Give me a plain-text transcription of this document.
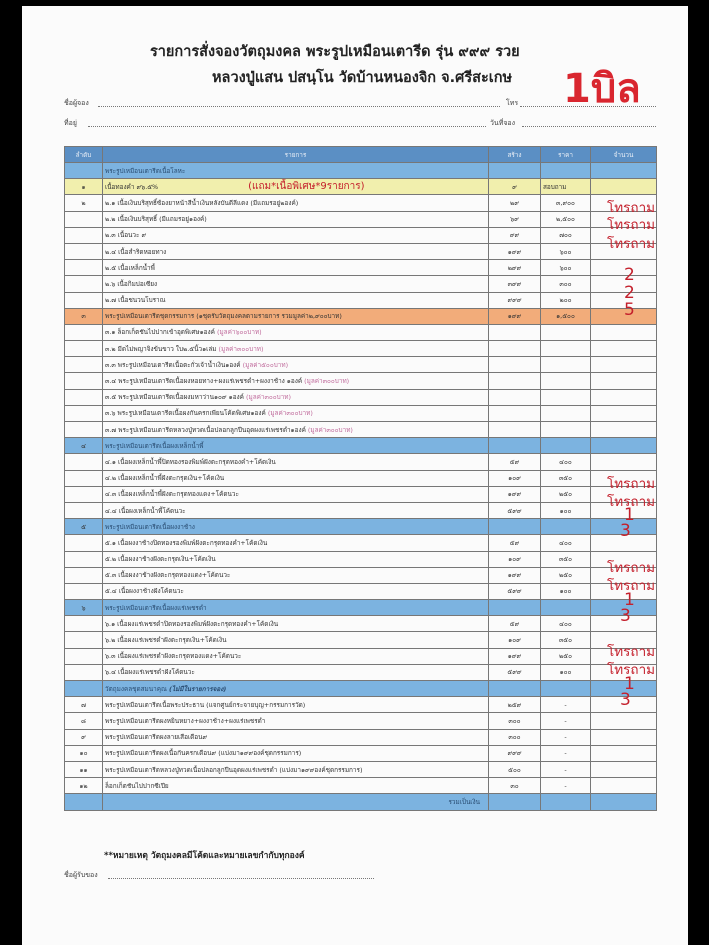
รายการสั่งจองวัตถุมงคล พระรูปเหมือนเตารีด รุ่น ๙๙๙ รวย
หลวงปู่แสน ปสนฺโน วัดบ้านหนองจิก จ.ศรีสะเกษ 1บิล
ชื่อผู้จอง	โทร
ที่อยู่	วันที่จอง
ลำดับ	รายการ	สร้าง	ราคา	จำนวน
	พระรูปเหมือนเตารีดเนื้อโลหะ			
๑	เนื้อทองคำ ๙๖.๕% (แถม*เนื้อพิเศษ*9รายการ)	๙	สอบถาม	
๒	๒.๑ เนื้อเงินบริสุทธิ์ซ้องยาหน้าสีน้ำเงินหลังบันดีลีแดง (มีแถมรอยู่๒องค์)	๒๙	๓,๙๐๐	
	๒.๒ เนื้อเงินบริสุทธิ์ (มีแถมรอยู่๑องค์)	๖๙	๒,๕๐๐	
	๒.๓ เนื้อนวะ ๙	๙๙	๗๐๐	
	๒.๔ เนื้อสำริดหอยทาง	๑๙๙	๖๐๐	
	๒.๕ เนื้อเหล็กน้ำพี้	๒๙๙	๖๐๐	
	๒.๖ เนื้อกิมบ่อเซียง	๓๙๙	๓๐๐	
	๒.๗ เนื้อชนวนโบราณ	๙๙๙	๒๐๐	
๓	พระรูปเหมือนเตารีดชุดกรรมการ (๑ชุดรับวัตถุมงคลตามรายการ รวมมูลค่า๒,๙๐๐บาท)	๑๙๙	๑,๕๐๐	
	๓.๑ ล็อกเก็ตชันไปปากเข้าอุดพิเศษ๑องค์ (มูลค่า๖๐๐บาท)			
	๓.๒ มีดไม่พญาจิงข้นขาว ใบ๒.๕นิ้ว๑เล่ม (มูลค่า๓๐๐บาท)			
	๓.๓ พระรูปเหมือนเตารีดเนื้อตะกั่วเจ้าน้ำเงิน๑องค์ (มูลค่า๕๐๐บาท)			
	๓.๔ พระรูปเหมือนเตารีดเนื้อผงหอยทาง+ผงแร่เพชรดำ+ผงงาช้าง ๑องค์ (มูลค่า๓๐๐บาท)			
	๓.๕ พระรูปเหมือนเตารีดเนื้อผงมหาว่าน๑๐๙ ๑องค์ (มูลค่า๓๐๐บาท)			
	๓.๖ พระรูปเหมือนเตารีดเนื้อผงกันครกเพียนโค้ดพิเศษ๑องค์ (มูลค่า๓๐๐บาท)			
	๓.๗ พระรูปเหมือนเตารีดหลวงปู่ทวดเนื้อปลอกลูกปืนอุดผงแร่เพชรดำ๑องค์ (มูลค่า๓๐๐บาท)			
๔	พระรูปเหมือนเตารีดเนื้อผงเหล็กน้ำพี้			
	๔.๑ เนื้อผงเหล็กน้ำพี้ปิดทองรองพิมพ์ฝังตะกรุดทองคำ+โค้ดเงิน	๕๙	๔๐๐	
	๔.๒ เนื้อผงเหล็กน้ำพี้ฝังตะกรุดเงิน+โค้ดเงิน	๑๐๙	๓๕๐	
	๔.๓ เนื้อผงเหล็กน้ำพี้ฝังตะกรุดทองแดง+โค้ดนวะ	๑๙๙	๒๕๐	
	๔.๔ เนื้อผงเหล็กน้ำพี้โค้ดนวะ	๕๙๙	๑๐๐	
๕	พระรูปเหมือนเตารีดเนื้อผงงาช้าง			
	๕.๑ เนื้อผงงาช้างปิดทองรองพิมพ์ฝังตะกรุดทองคำ+โค้ดเงิน	๕๙	๔๐๐	
	๕.๒ เนื้อผงงาช้างฝังตะกรุดเงิน+โค้ดเงิน	๑๐๙	๓๕๐	
	๕.๓ เนื้อผงงาช้างฝังตะกรุดทองแดง+โค้ดนวะ	๑๙๙	๒๕๐	
	๕.๔ เนื้อผงงาช้างฝังโค้ดนวะ	๕๙๙	๑๐๐	
๖	พระรูปเหมือนเตารีดเนื้อผงแร่เพชรดำ			
	๖.๑ เนื้อผงแร่เพชรดำปิดทองรองพิมพ์ฝังตะกรุดทองคำ+โค้ดเงิน	๕๙	๔๐๐	
	๖.๒ เนื้อผงแร่เพชรดำฝังตะกรุดเงิน+โค้ดเงิน	๑๐๙	๓๕๐	
	๖.๓ เนื้อผงแร่เพชรดำฝังตะกรุดทองแดง+โค้ดนวะ	๑๙๙	๒๕๐	
	๖.๔ เนื้อผงแร่เพชรดำฝังโค้ดนวะ	๕๙๙	๑๐๐	
	วัตถุมงคลชุดสมนาคุณ (ไม่มีในรายการจอง)			
๗	พระรูปเหมือนเตารีดเนื้อพระประธาน (แจกศูนย์กระจายบุญ+กรรมการวัด)	๒๕๙	-	
๘	พระรูปเหมือนเตารีดผงหยินหยาง+ผงงาช้าง+ผงแร่เพชรดำ	๓๐๐	-	
๙	พระรูปเหมือนเตารีดผงลายเสือเดือน๙	๓๐๐	-	
๑๐	พระรูปเหมือนเตารีดผงเนื้อกันครกเดือน๙ (แบ่งมา๑๙๙องค์ชุดกรรมการ)	๙๙๙	-	
๑๑	พระรูปเหมือนเตารีดหลวงปู่ทวดเนื้อปลอกลูกปืนอุดผงแร่เพชรดำ (แบ่งมา๑๙๙องค์ชุดกรรมการ)	๕๐๐	-	
๑๒	ล็อกเก็ตชันไปปากซีเปีย	๓๐	-	
	รวมเป็นเงิน			
โทรถาม
โทรถาม
โทรถาม
2
2
5
โทรถาม
โทรถาม
1
3
โทรถาม
โทรถาม
1
3
โทรถาม
โทรถาม
1
3
**หมายเหตุ วัตถุมงคลมีโค้ดและหมายเลขกำกับทุกองค์
ชื่อผู้รับของ
